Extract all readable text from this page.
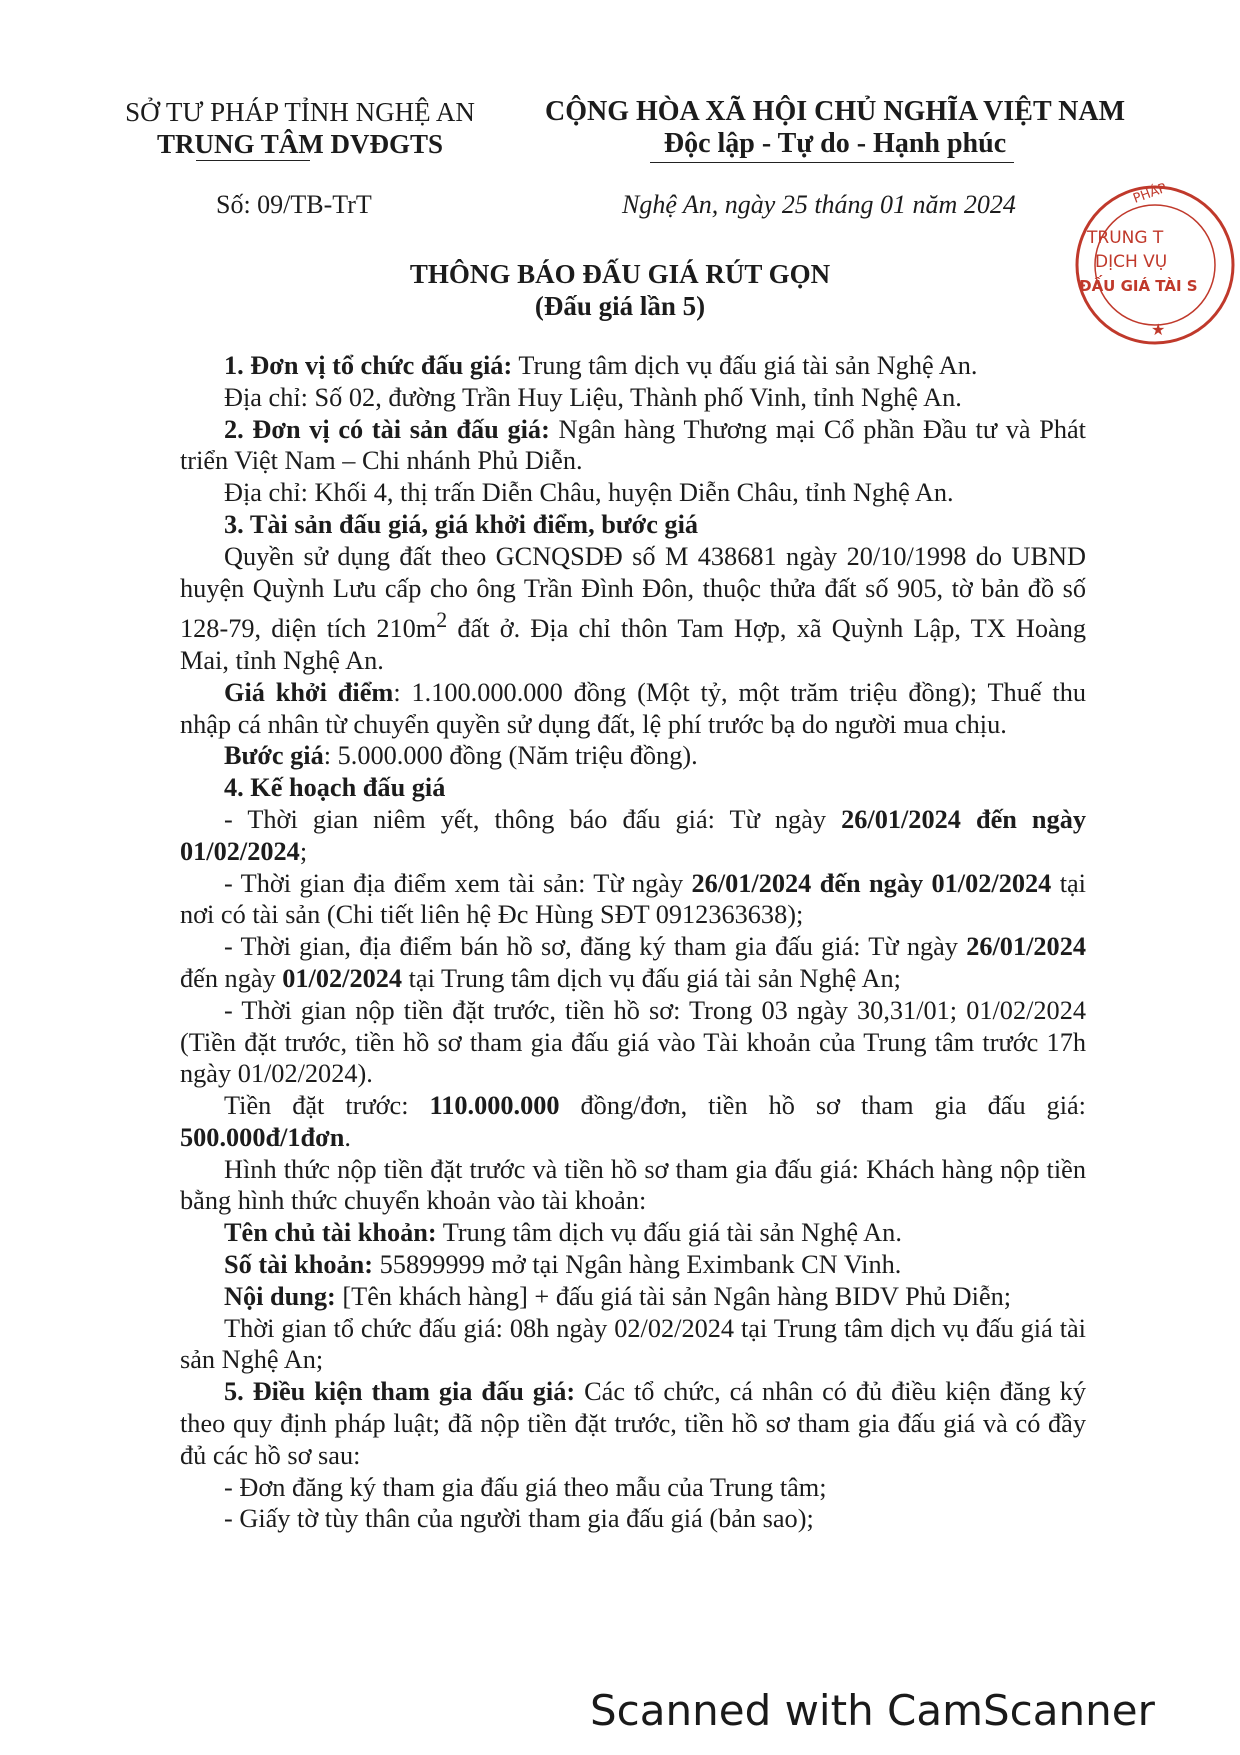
SỞ TƯ PHÁP TỈNH NGHỆ AN
TRUNG TÂM DVĐGTS
CỘNG HÒA XÃ HỘI CHỦ NGHĨA VIỆT NAM
Độc lập - Tự do - Hạnh phúc
Số: 09/TB-TrT	Nghệ An, ngày 25 tháng 01 năm 2024	PHÁP
TRUNG T
DỊCH VỤ
ĐẤU GIÁ TÀI S
★
THÔNG BÁO ĐẤU GIÁ RÚT GỌN
(Đấu giá lần 5)

1. Đơn vị tổ chức đấu giá: Trung tâm dịch vụ đấu giá tài sản Nghệ An.

Địa chỉ: Số 02, đường Trần Huy Liệu, Thành phố Vinh, tỉnh Nghệ An.

2. Đơn vị có tài sản đấu giá: Ngân hàng Thương mại Cổ phần Đầu tư và Phát triển Việt Nam – Chi nhánh Phủ Diễn.

Địa chỉ: Khối 4, thị trấn Diễn Châu, huyện Diễn Châu, tỉnh Nghệ An.

3. Tài sản đấu giá, giá khởi điểm, bước giá

Quyền sử dụng đất theo GCNQSDĐ số M 438681 ngày 20/10/1998 do UBND huyện Quỳnh Lưu cấp cho ông Trần Đình Đôn, thuộc thửa đất số 905, tờ bản đồ số 128-79, diện tích $210m^2$ đất ở. Địa chỉ thôn Tam Hợp, xã Quỳnh Lập, TX Hoàng Mai, tỉnh Nghệ An.

Giá khởi điểm: 1.100.000.000 đồng (Một tỷ, một trăm triệu đồng); Thuế thu nhập cá nhân từ chuyển quyền sử dụng đất, lệ phí trước bạ do người mua chịu.

Bước giá: 5.000.000 đồng (Năm triệu đồng).

4. Kế hoạch đấu giá

- Thời gian niêm yết, thông báo đấu giá: Từ ngày 26/01/2024 đến ngày 01/02/2024;

- Thời gian địa điểm xem tài sản: Từ ngày 26/01/2024 đến ngày 01/02/2024 tại nơi có tài sản (Chi tiết liên hệ Đc Hùng SĐT 0912363638);

- Thời gian, địa điểm bán hồ sơ, đăng ký tham gia đấu giá: Từ ngày 26/01/2024 đến ngày 01/02/2024 tại Trung tâm dịch vụ đấu giá tài sản Nghệ An;

- Thời gian nộp tiền đặt trước, tiền hồ sơ: Trong 03 ngày 30,31/01; 01/02/2024 (Tiền đặt trước, tiền hồ sơ tham gia đấu giá vào Tài khoản của Trung tâm trước 17h ngày 01/02/2024).

Tiền đặt trước: 110.000.000 đồng/đơn, tiền hồ sơ tham gia đấu giá: 500.000đ/1đơn.

Hình thức nộp tiền đặt trước và tiền hồ sơ tham gia đấu giá: Khách hàng nộp tiền bằng hình thức chuyển khoản vào tài khoản:

Tên chủ tài khoản: Trung tâm dịch vụ đấu giá tài sản Nghệ An.

Số tài khoản: 55899999 mở tại Ngân hàng Eximbank CN Vinh.

Nội dung: [Tên khách hàng] + đấu giá tài sản Ngân hàng BIDV Phủ Diễn;

Thời gian tổ chức đấu giá: 08h ngày 02/02/2024 tại Trung tâm dịch vụ đấu giá tài sản Nghệ An;

5. Điều kiện tham gia đấu giá: Các tổ chức, cá nhân có đủ điều kiện đăng ký theo quy định pháp luật; đã nộp tiền đặt trước, tiền hồ sơ tham gia đấu giá và có đầy đủ các hồ sơ sau:

- Đơn đăng ký tham gia đấu giá theo mẫu của Trung tâm;

- Giấy tờ tùy thân của người tham gia đấu giá (bản sao);

Scanned with CamScanner
